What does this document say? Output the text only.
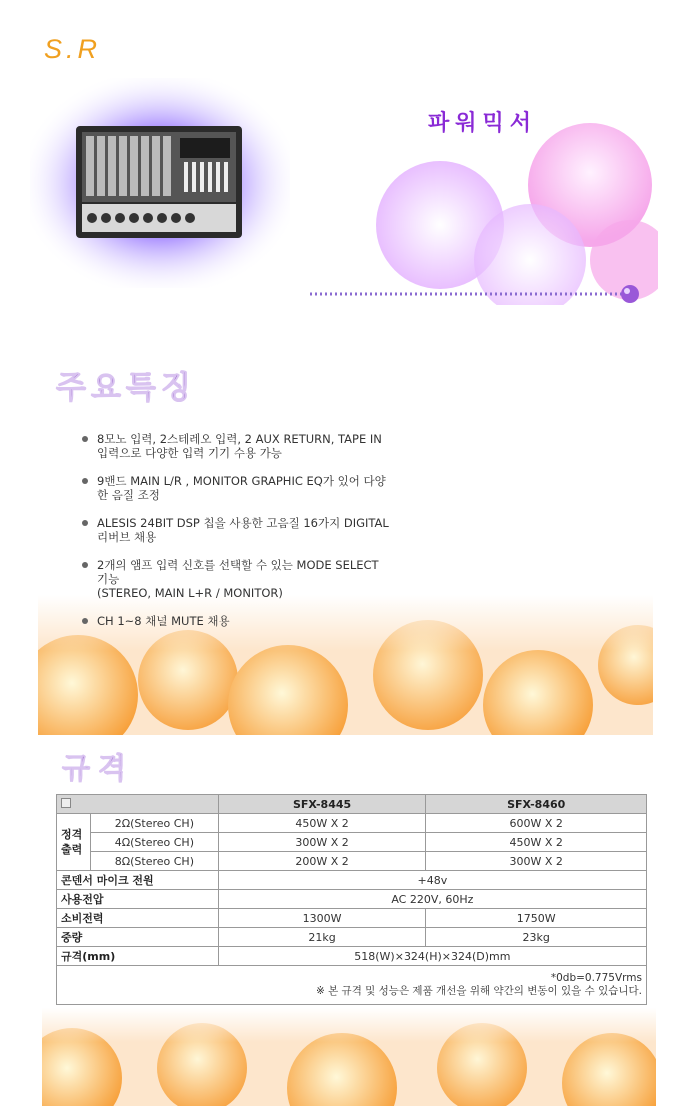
S.R
파워믹서
주요특징
8모노 입력, 2스테레오 입력, 2 AUX RETURN, TAPE IN
입력으로 다양한 입력 기기 수용 가능
9밴드 MAIN L/R , MONITOR GRAPHIC EQ가 있어 다양
한 음질 조정
ALESIS 24BIT DSP 칩을 사용한 고음질 16가지 DIGITAL
리버브 채용
2개의 앰프 입력 신호를 선택할 수 있는 MODE SELECT
기능
(STEREO, MAIN L+R / MONITOR)
CH 1~8 채널 MUTE 채용
규격
		SFX-8445	SFX-8460
정격
출력	2Ω(Stereo CH)	450W X 2	600W X 2
	4Ω(Stereo CH)	300W X 2	450W X 2
	8Ω(Stereo CH)	200W X 2	300W X 2
콘덴서 마이크 전원		+48v	
사용전압		AC 220V, 60Hz	
소비전력		1300W	1750W
중량		21kg	23kg
규격(mm)		518(W)×324(H)×324(D)mm	
*0db=0.775Vrms
※ 본 규격 및 성능은 제품 개선을 위해 약간의 변동이 있을 수 있습니다.			
